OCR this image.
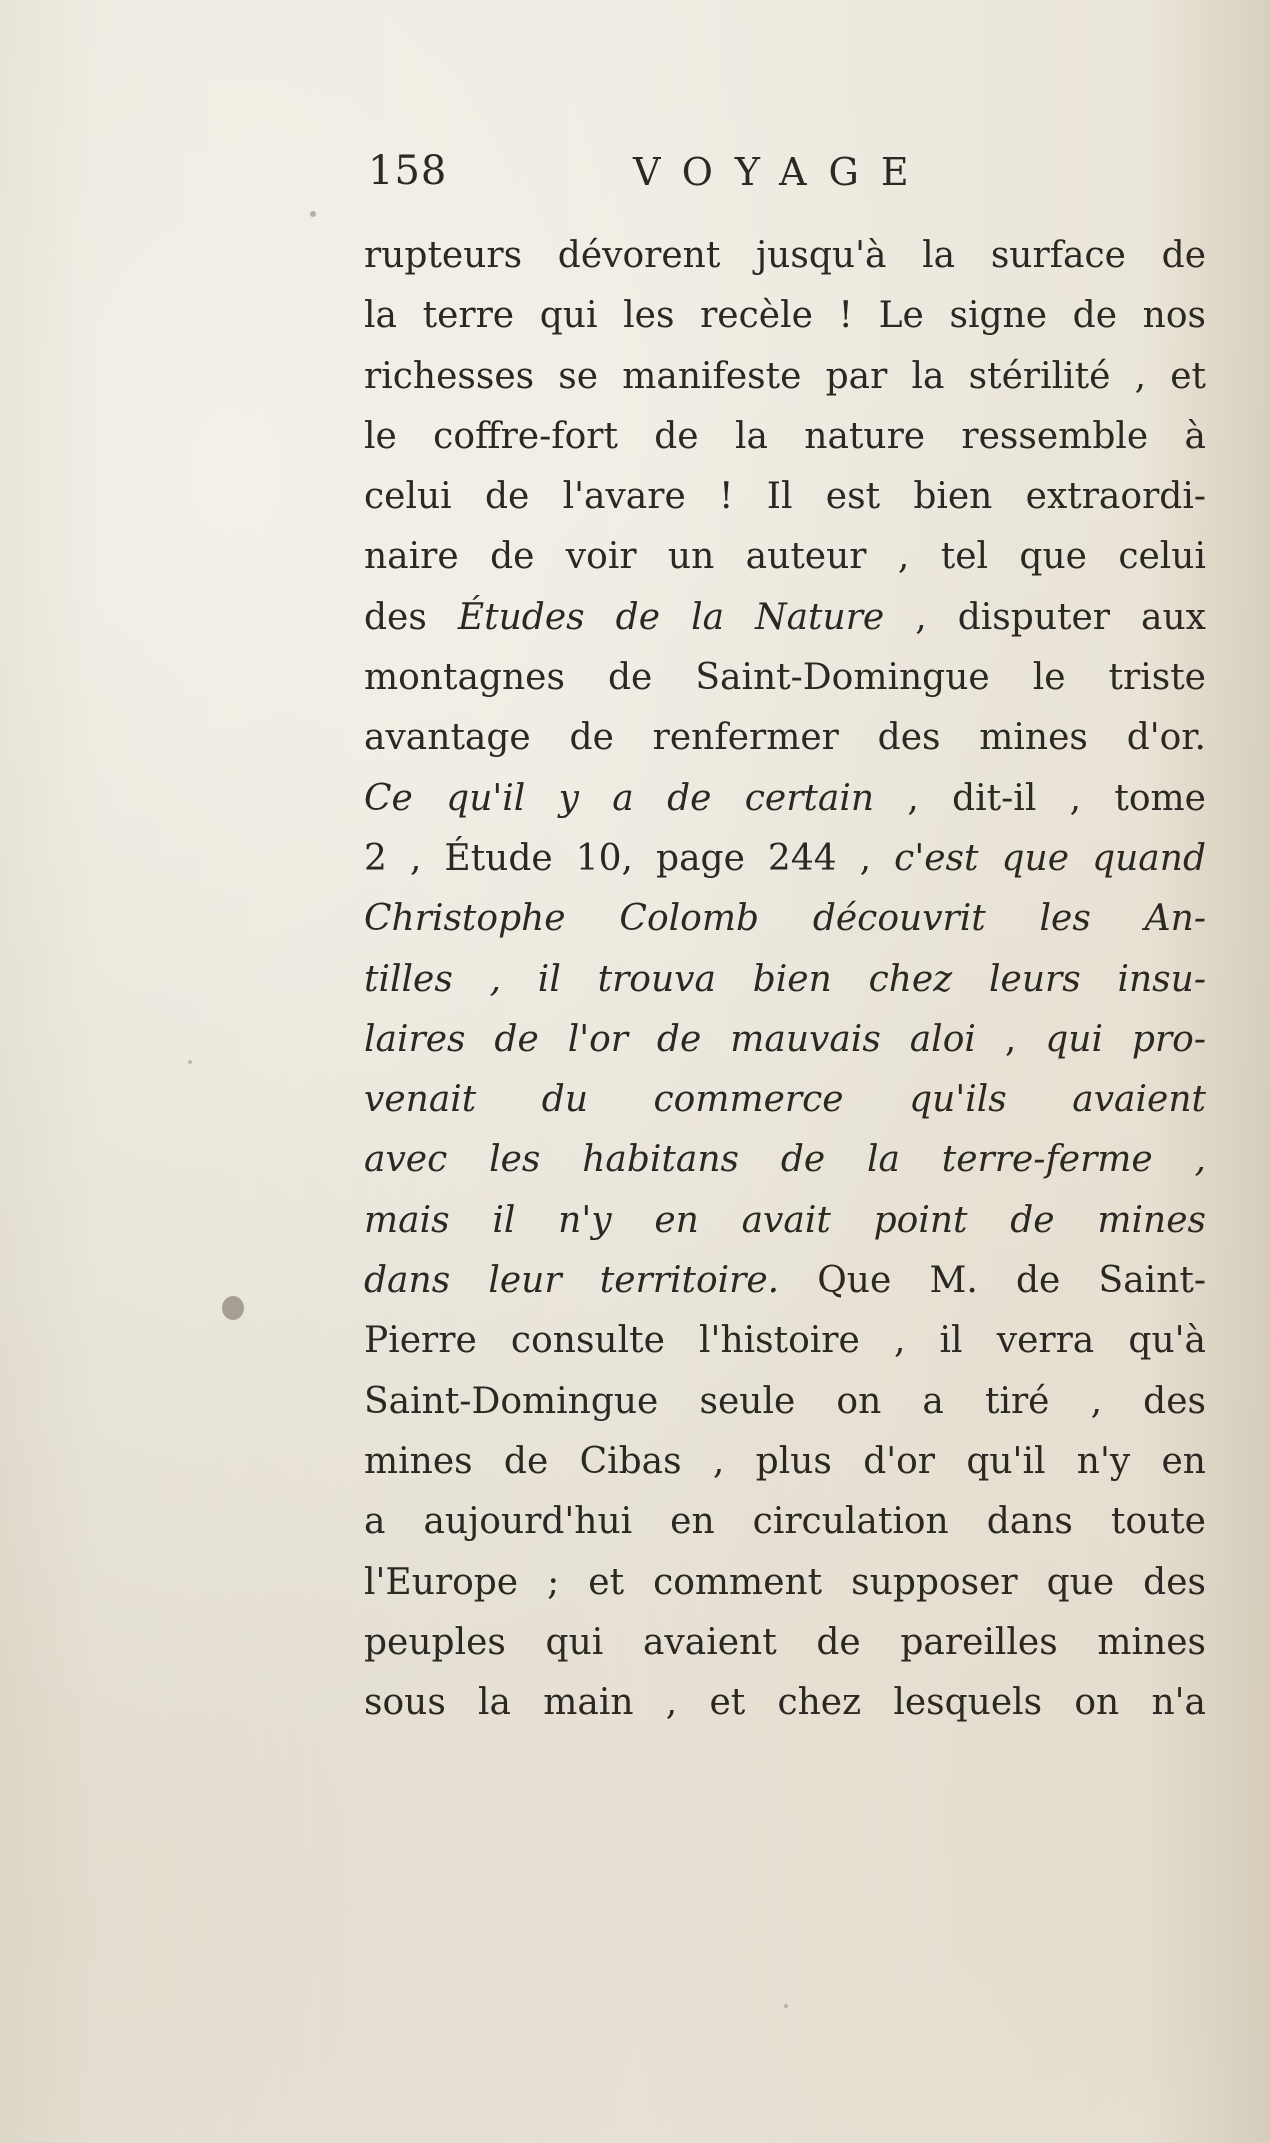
158	VOYAGE
rupteurs dévorent jusqu'à la surface de
la terre qui les recèle ! Le signe de nos
richesses se manifeste par la stérilité , et
le coffre-fort de la nature ressemble à
celui de l'avare ! Il est bien extraordi-
naire de voir un auteur , tel que celui
des Études de la Nature , disputer aux
montagnes de Saint-Domingue le triste
avantage de renfermer des mines d'or.
Ce qu'il y a de certain , dit-il , tome
2 , Étude 10, page 244 , c'est que quand
Christophe Colomb découvrit les An-
tilles , il trouva bien chez leurs insu-
laires de l'or de mauvais aloi , qui pro-
venait du commerce qu'ils avaient
avec les habitans de la terre-ferme ,
mais il n'y en avait point de mines
dans leur territoire. Que M. de Saint-
Pierre consulte l'histoire , il verra qu'à
Saint-Domingue seule on a tiré , des
mines de Cibas , plus d'or qu'il n'y en
a aujourd'hui en circulation dans toute
l'Europe ; et comment supposer que des
peuples qui avaient de pareilles mines
sous la main , et chez lesquels on n'a
